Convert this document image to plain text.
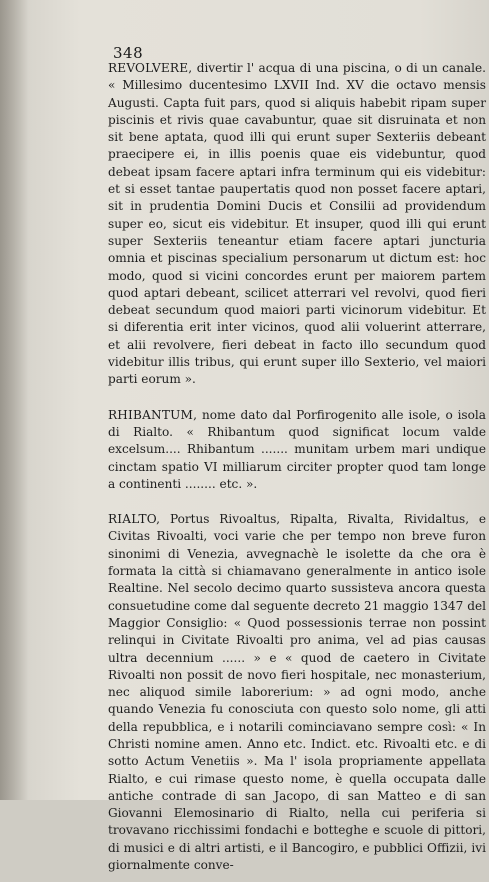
348

REVOLVERE, divertir l' acqua di una piscina, o di un canale. « Millesimo ducentesimo LXVII Ind. XV die octavo mensis Augusti. Capta fuit pars, quod si aliquis habebit ripam super piscinis et rivis quae cavabuntur, quae sit disruinata et non sit bene aptata, quod illi qui erunt super Sexteriis debeant praecipere ei, in illis poenis quae eis videbuntur, quod debeat ipsam facere aptari infra terminum qui eis videbitur: et si esset tantae paupertatis quod non posset facere aptari, sit in prudentia Domini Ducis et Consilii ad providendum super eo, sicut eis videbitur. Et insuper, quod illi qui erunt super Sexteriis teneantur etiam facere aptari juncturia omnia et piscinas specialium personarum ut dictum est: hoc modo, quod si vicini concordes erunt per maiorem partem quod aptari debeant, scilicet atterrari vel revolvi, quod fieri debeat secundum quod maiori parti vicinorum videbitur. Et si diferentia erit inter vicinos, quod alii voluerint atterrare, et alii revolvere, fieri debeat in facto illo secundum quod videbitur illis tribus, qui erunt super illo Sexterio, vel maiori parti eorum ».

RHIBANTUM, nome dato dal Porfirogenito alle isole, o isola di Rialto. « Rhibantum quod significat locum valde excelsum.... Rhibantum ....... munitam urbem mari undique cinctam spatio VI milliarum circiter propter quod tam longe a continenti ........ etc. ».

RIALTO, Portus Rivoaltus, Ripalta, Rivalta, Rividaltus, e Civitas Rivoalti, voci varie che per tempo non breve furon sinonimi di Venezia, avvegnachè le isolette da che ora è formata la città si chiamavano generalmente in antico isole Realtine. Nel secolo decimo quarto sussisteva ancora questa consuetudine come dal seguente decreto 21 maggio 1347 del Maggior Consiglio: « Quod possessionis terrae non possint relinqui in Civitate Rivoalti pro anima, vel ad pias causas ultra decennium ...... » e « quod de caetero in Civitate Rivoalti non possit de novo fieri hospitale, nec monasterium, nec aliquod simile laborerium: » ad ogni modo, anche quando Venezia fu conosciuta con questo solo nome, gli atti della repubblica, e i notarili cominciavano sempre così: « In Christi nomine amen. Anno etc. Indict. etc. Rivoalti etc. e di sotto Actum Venetiis ». Ma l' isola propriamente appellata Rialto, e cui rimase questo nome, è quella occupata dalle antiche contrade di san Jacopo, di san Matteo e di san Giovanni Elemosinario di Rialto, nella cui periferia si trovavano ricchissimi fondachi e botteghe e scuole di pittori, di musici e di altri artisti, e il Bancogiro, e pubblici Offizii, ivi giornalmente conve-
